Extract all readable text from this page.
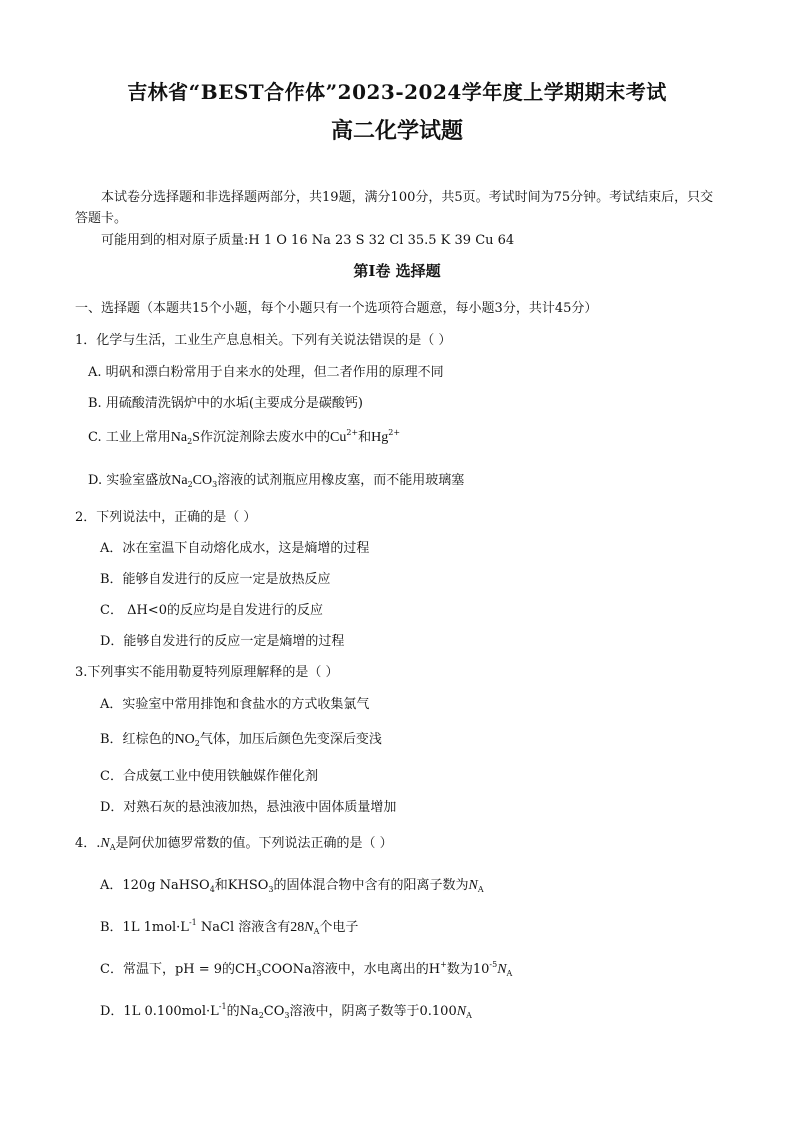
吉林省“BEST合作体”2023-2024学年度上学期期末考试
高二化学试题

本试卷分选择题和非选择题两部分，共19题，满分100分，共5页。考试时间为75分钟。考试结束后，只交答题卡。

可能用到的相对原子质量:H 1 O 16 Na 23 S 32 Cl 35.5 K 39 Cu 64

第Ⅰ卷 选择题
一、选择题（本题共15个小题，每个小题只有一个选项符合题意，每小题3分，共计45分）
1．化学与生活，工业生产息息相关。下列有关说法错误的是（ ）
A. 明矾和漂白粉常用于自来水的处理，但二者作用的原理不同
B. 用硫酸清洗锅炉中的水垢(主要成分是碳酸钙)
C. 工业上常用$Na_2S$作沉淀剂除去废水中的$Cu^{2+}$和$Hg^{2+}$
D. 实验室盛放$Na_2CO_3$溶液的试剂瓶应用橡皮塞，而不能用玻璃塞
2．下列说法中，正确的是（ ）
A．冰在室温下自动熔化成水，这是熵增的过程
B．能够自发进行的反应一定是放热反应
C． ΔH<0的反应均是自发进行的反应
D．能够自发进行的反应一定是熵增的过程
3.下列事实不能用勒夏特列原理解释的是（ ）
A．实验室中常用排饱和食盐水的方式收集氯气
B．红棕色的$NO_2$气体，加压后颜色先变深后变浅
C．合成氨工业中使用铁触媒作催化剂
D．对熟石灰的悬浊液加热，悬浊液中固体质量增加
4．$.N_A$是阿伏加德罗常数的值。下列说法正确的是（ ）
A．120g NaHSO$_4$和$KHSO_3$的固体混合物中含有的阳离子数为$N_A$
B．1L $1mol\cdot L^{-1}$ NaCl 溶液含有$28N_A$个电子
C．常温下，pH = 9的$CH_3COONa$溶液中，水电离出的H+数为$10^{-5}N_A$
D．1L $0.100mol\cdot L^{-1}$的$Na_2CO_3$溶液中，阴离子数等于$0.100N_A$
